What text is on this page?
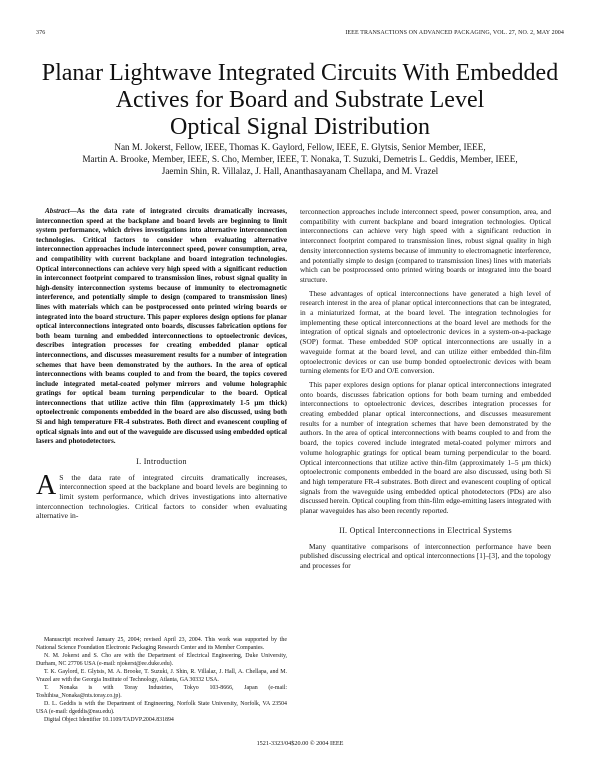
376	IEEE TRANSACTIONS ON ADVANCED PACKAGING, VOL. 27, NO. 2, MAY 2004
Planar Lightwave Integrated Circuits With Embedded
Actives for Board and Substrate Level
Optical Signal Distribution
Nan M. Jokerst, Fellow, IEEE, Thomas K. Gaylord, Fellow, IEEE, E. Glytsis, Senior Member, IEEE,
Martin A. Brooke, Member, IEEE, S. Cho, Member, IEEE, T. Nonaka, T. Suzuki, Demetris L. Geddis, Member, IEEE,
Jaemin Shin, R. Villalaz, J. Hall, Ananthasayanam Chellapa, and M. Vrazel

Abstract—As the data rate of integrated circuits dramatically increases, interconnection speed at the backplane and board levels are beginning to limit system performance, which drives investigations into alternative interconnection technologies. Critical factors to consider when evaluating alternative interconnection approaches include interconnect speed, power consumption, area, and compatibility with current backplane and board integration technologies. Optical interconnections can achieve very high speed with a significant reduction in interconnect footprint compared to transmission lines, robust signal quality in high-density interconnection systems because of immunity to electromagnetic interference, and potentially simple to design (compared to transmission lines) lines with materials which can be postprocessed onto printed wiring boards or integrated into the board structure. This paper explores design options for planar optical interconnections integrated onto boards, discusses fabrication options for both beam turning and embedded interconnections to optoelectronic devices, describes integration processes for creating embedded planar optical interconnections, and discusses measurement results for a number of integration schemes that have been demonstrated by the authors. In the area of optical interconnections with beams coupled to and from the board, the topics covered include integrated metal-coated polymer mirrors and volume holographic gratings for optical beam turning perpendicular to the board. Optical interconnections that utilize active thin film (approximately 1-5 μm thick) optoelectronic components embedded in the board are also discussed, using both Si and high temperature FR-4 substrates. Both direct and evanescent coupling of optical signals into and out of the waveguide are discussed using embedded optical lasers and photodetectors.

I. Introduction

A S the data rate of integrated circuits dramatically increases, interconnection speed at the backplane and board levels are beginning to limit system performance, which drives investigations into alternative interconnection technologies. Critical factors to consider when evaluating alternative in-

Manuscript received January 25, 2004; revised April 23, 2004. This work was supported by the National Science Foundation Electronic Packaging Research Center and its Member Companies.

N. M. Jokerst and S. Cho are with the Department of Electrical Engineering, Duke University, Durham, NC 27706 USA (e-mail: njokerst@ee.duke.edu).

T. K. Gaylord, E. Glytsis, M. A. Brooke, T. Suzuki, J. Shin, R. Villalaz, J. Hall, A. Chellapa, and M. Vrazel are with the Georgia Institute of Technology, Atlanta, GA 30332 USA.

T. Nonaka is with Toray Industries, Tokyo 103-8666, Japan (e-mail: Toshihisa_Nonaka@nts.toray.co.jp).

D. L. Geddis is with the Department of Engineering, Norfolk State University, Norfolk, VA 23504 USA (e-mail: dgeddis@nsu.edu).

Digital Object Identifier 10.1109/TADVP.2004.831894

terconnection approaches include interconnect speed, power consumption, area, and compatibility with current backplane and board integration technologies. Optical interconnections can achieve very high speed with a significant reduction in interconnect footprint compared to transmission lines, robust signal quality in high density interconnection systems because of immunity to electromagnetic interference, and potentially simple to design (compared to transmission lines) lines with materials which can be postprocessed onto printed wiring boards or integrated into the board structure.

These advantages of optical interconnections have generated a high level of research interest in the area of planar optical interconnections that can be integrated, in a miniaturized format, at the board level. The integration technologies for implementing these optical interconnections at the board level are methods for the integration of optical signals and optoelectronic devices in a system-on-a-package (SOP) format. These embedded SOP optical interconnections are usually in a waveguide format at the board level, and can utilize either embedded thin-film optoelectronic devices or can use bump bonded optoelectronic devices with beam turning elements for E/O and O/E conversion.

This paper explores design options for planar optical interconnections integrated onto boards, discusses fabrication options for both beam turning and embedded interconnections to optoelectronic devices, describes integration processes for creating embedded planar optical interconnections, and discusses measurement results for a number of integration schemes that have been demonstrated by the authors. In the area of optical interconnections with beams coupled to and from the board, the topics covered include integrated metal-coated polymer mirrors and volume holographic gratings for optical beam turning perpendicular to the board. Optical interconnections that utilize active thin-film (approximately 1–5 μm thick) optoelectronic components embedded in the board are also discussed, using both Si and high temperature FR-4 substrates. Both direct and evanescent coupling of optical signals from the waveguide using embedded optical photodetectors (PDs) are also discussed herein. Optical coupling from thin-film edge-emitting lasers integrated with planar waveguides has also been recently reported.

II. Optical Interconnections in Electrical Systems

Many quantitative comparisons of interconnection performance have been published discussing electrical and optical interconnections [1]–[3], and the topology and processes for

1521-3323/04$20.00 © 2004 IEEE
